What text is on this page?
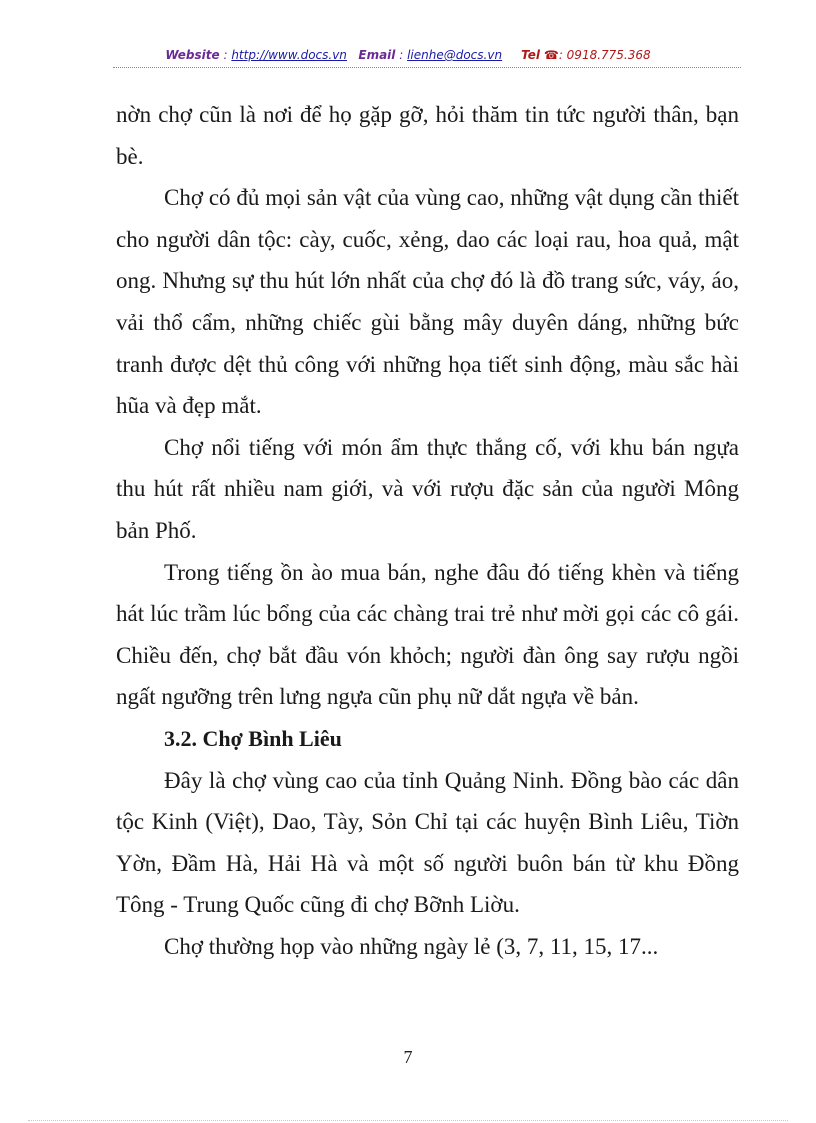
Website : http://www.docs.vn Email : lienhe@docs.vn Tel ☎: 0918.775.368

nờn chợ cũn là nơi để họ gặp gỡ, hỏi thăm tin tức người thân, bạn bè.

Chợ có đủ mọi sản vật của vùng cao, những vật dụng cần thiết cho người dân tộc: cày, cuốc, xẻng, dao các loại rau, hoa quả, mật ong. Nhưng sự thu hút lớn nhất của chợ đó là đồ trang sức, váy, áo, vải thổ cẩm, những chiếc gùi bằng mây duyên dáng, những bức tranh được dệt thủ công với những họa tiết sinh động, màu sắc hài hũa và đẹp mắt.

Chợ nổi tiếng với món ẩm thực thắng cố, với khu bán ngựa thu hút rất nhiều nam giới, và với rượu đặc sản của người Mông bản Phố.

Trong tiếng ồn ào mua bán, nghe đâu đó tiếng khèn và tiếng hát lúc trầm lúc bổng của các chàng trai trẻ như mời gọi các cô gái. Chiều đến, chợ bắt đầu vón khỏch; người đàn ông say rượu ngồi ngất ngưỡng trên lưng ngựa cũn phụ nữ dắt ngựa về bản.

3.2. Chợ Bình Liêu

Đây là chợ vùng cao của tỉnh Quảng Ninh. Đồng bào các dân tộc Kinh (Việt), Dao, Tày, Sỏn Chỉ tại các huyện Bình Liêu, Tiờn Yờn, Đầm Hà, Hải Hà và một số người buôn bán từ khu Đồng Tông - Trung Quốc cũng đi chợ Bỡnh Liờu.

Chợ thường họp vào những ngày lẻ (3, 7, 11, 15, 17...

7
